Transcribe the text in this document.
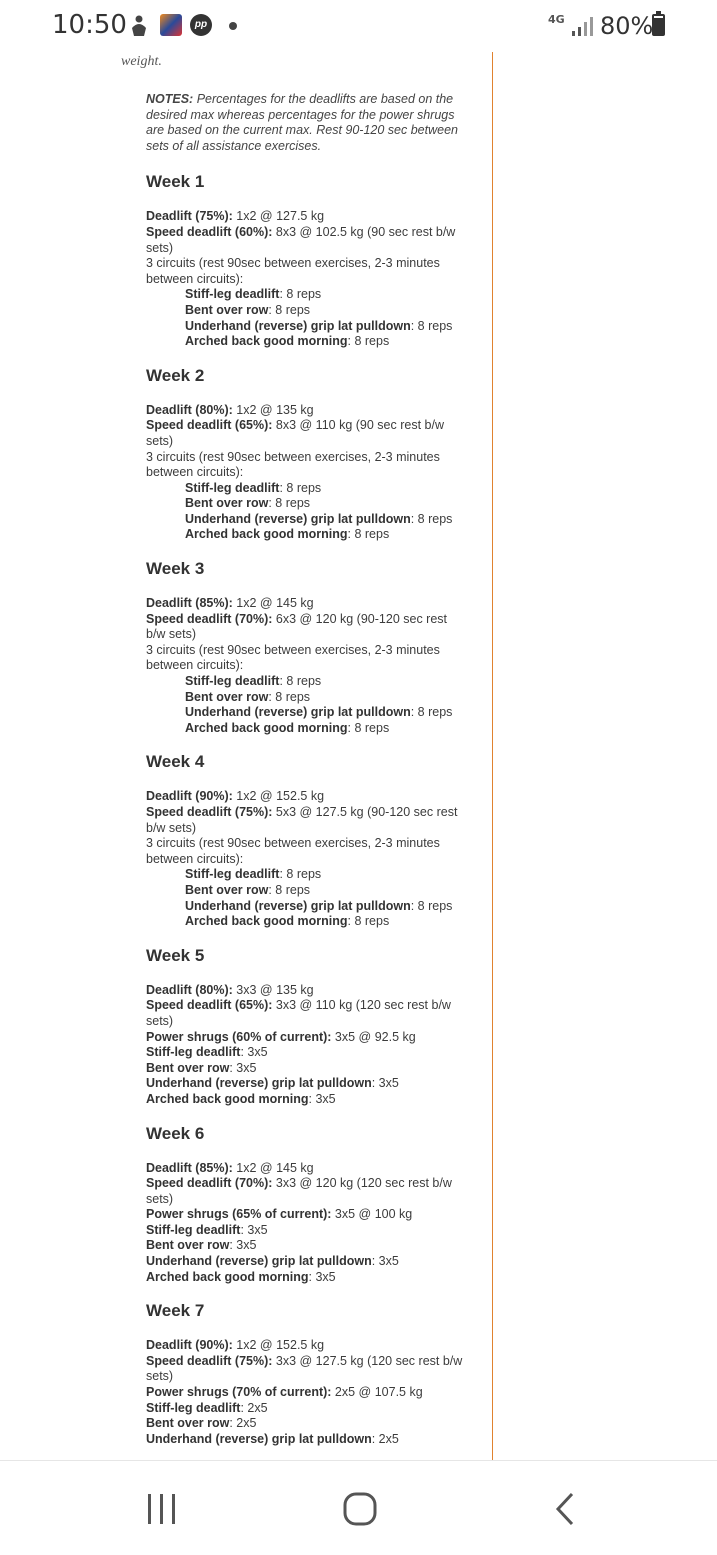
10:50	pp	4G 80%
weight.

NOTES: Percentages for the deadlifts are based on the desired max whereas percentages for the power shrugs are based on the current max. Rest 90-120 sec between sets of all assistance exercises.

Week 1
Deadlift (75%): 1x2 @ 127.5 kg
Speed deadlift (60%): 8x3 @ 102.5 kg (90 sec rest b/w sets)
3 circuits (rest 90sec between exercises, 2-3 minutes between circuits):
Stiff-leg deadlift: 8 reps
Bent over row: 8 reps
Underhand (reverse) grip lat pulldown: 8 reps
Arched back good morning: 8 reps
Week 2
Deadlift (80%): 1x2 @ 135 kg
Speed deadlift (65%): 8x3 @ 110 kg (90 sec rest b/w sets)
3 circuits (rest 90sec between exercises, 2-3 minutes between circuits):
Stiff-leg deadlift: 8 reps
Bent over row: 8 reps
Underhand (reverse) grip lat pulldown: 8 reps
Arched back good morning: 8 reps
Week 3
Deadlift (85%): 1x2 @ 145 kg
Speed deadlift (70%): 6x3 @ 120 kg (90-120 sec rest b/w sets)
3 circuits (rest 90sec between exercises, 2-3 minutes between circuits):
Stiff-leg deadlift: 8 reps
Bent over row: 8 reps
Underhand (reverse) grip lat pulldown: 8 reps
Arched back good morning: 8 reps
Week 4
Deadlift (90%): 1x2 @ 152.5 kg
Speed deadlift (75%): 5x3 @ 127.5 kg (90-120 sec rest b/w sets)
3 circuits (rest 90sec between exercises, 2-3 minutes between circuits):
Stiff-leg deadlift: 8 reps
Bent over row: 8 reps
Underhand (reverse) grip lat pulldown: 8 reps
Arched back good morning: 8 reps
Week 5
Deadlift (80%): 3x3 @ 135 kg
Speed deadlift (65%): 3x3 @ 110 kg (120 sec rest b/w sets)
Power shrugs (60% of current): 3x5 @ 92.5 kg
Stiff-leg deadlift: 3x5
Bent over row: 3x5
Underhand (reverse) grip lat pulldown: 3x5
Arched back good morning: 3x5
Week 6
Deadlift (85%): 1x2 @ 145 kg
Speed deadlift (70%): 3x3 @ 120 kg (120 sec rest b/w sets)
Power shrugs (65% of current): 3x5 @ 100 kg
Stiff-leg deadlift: 3x5
Bent over row: 3x5
Underhand (reverse) grip lat pulldown: 3x5
Arched back good morning: 3x5
Week 7
Deadlift (90%): 1x2 @ 152.5 kg
Speed deadlift (75%): 3x3 @ 127.5 kg (120 sec rest b/w sets)
Power shrugs (70% of current): 2x5 @ 107.5 kg
Stiff-leg deadlift: 2x5
Bent over row: 2x5
Underhand (reverse) grip lat pulldown: 2x5
